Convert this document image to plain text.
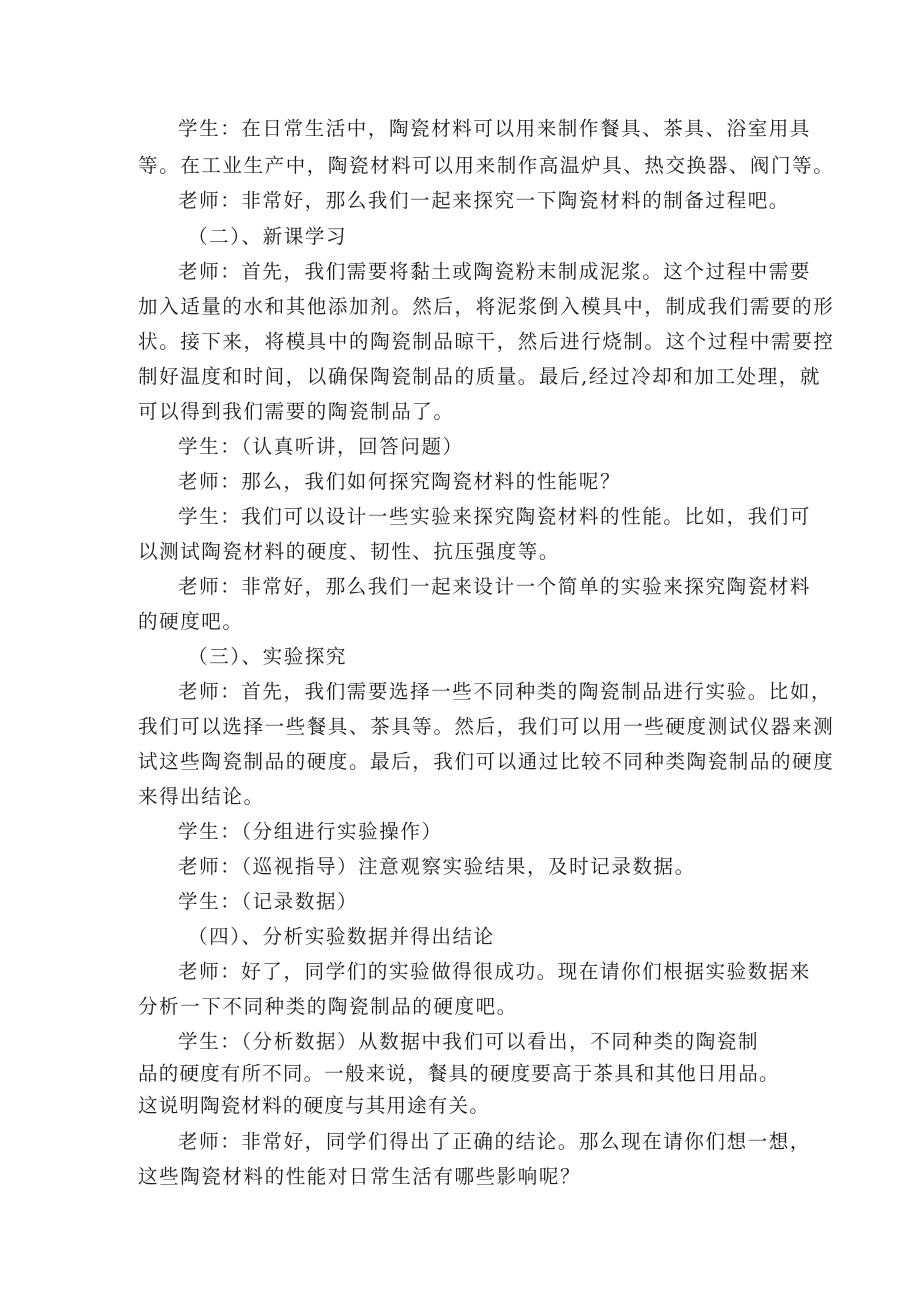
学生：在日常生活中，陶瓷材料可以用来制作餐具、茶具、浴室用具

等。在工业生产中，陶瓷材料可以用来制作高温炉具、热交换器、阀门等。

老师：非常好，那么我们一起来探究一下陶瓷材料的制备过程吧。

（二）、新课学习

老师：首先，我们需要将黏土或陶瓷粉末制成泥浆。这个过程中需要

加入适量的水和其他添加剂。然后，将泥浆倒入模具中，制成我们需要的形

状。接下来，将模具中的陶瓷制品晾干，然后进行烧制。这个过程中需要控

制好温度和时间，以确保陶瓷制品的质量。最后,经过冷却和加工处理，就

可以得到我们需要的陶瓷制品了。

学生：（认真听讲，回答问题）

老师：那么，我们如何探究陶瓷材料的性能呢？

学生：我们可以设计一些实验来探究陶瓷材料的性能。比如，我们可

以测试陶瓷材料的硬度、韧性、抗压强度等。

老师：非常好，那么我们一起来设计一个简单的实验来探究陶瓷材料

的硬度吧。

（三）、实验探究

老师：首先，我们需要选择一些不同种类的陶瓷制品进行实验。比如，

我们可以选择一些餐具、茶具等。然后，我们可以用一些硬度测试仪器来测

试这些陶瓷制品的硬度。最后，我们可以通过比较不同种类陶瓷制品的硬度

来得出结论。

学生：（分组进行实验操作）

老师：（巡视指导）注意观察实验结果，及时记录数据。

学生：（记录数据）

（四）、分析实验数据并得出结论

老师：好了，同学们的实验做得很成功。现在请你们根据实验数据来

分析一下不同种类的陶瓷制品的硬度吧。

学生：（分析数据）从数据中我们可以看出，不同种类的陶瓷制

品的硬度有所不同。一般来说，餐具的硬度要高于茶具和其他日用品。

这说明陶瓷材料的硬度与其用途有关。

老师：非常好，同学们得出了正确的结论。那么现在请你们想一想，

这些陶瓷材料的性能对日常生活有哪些影响呢？
